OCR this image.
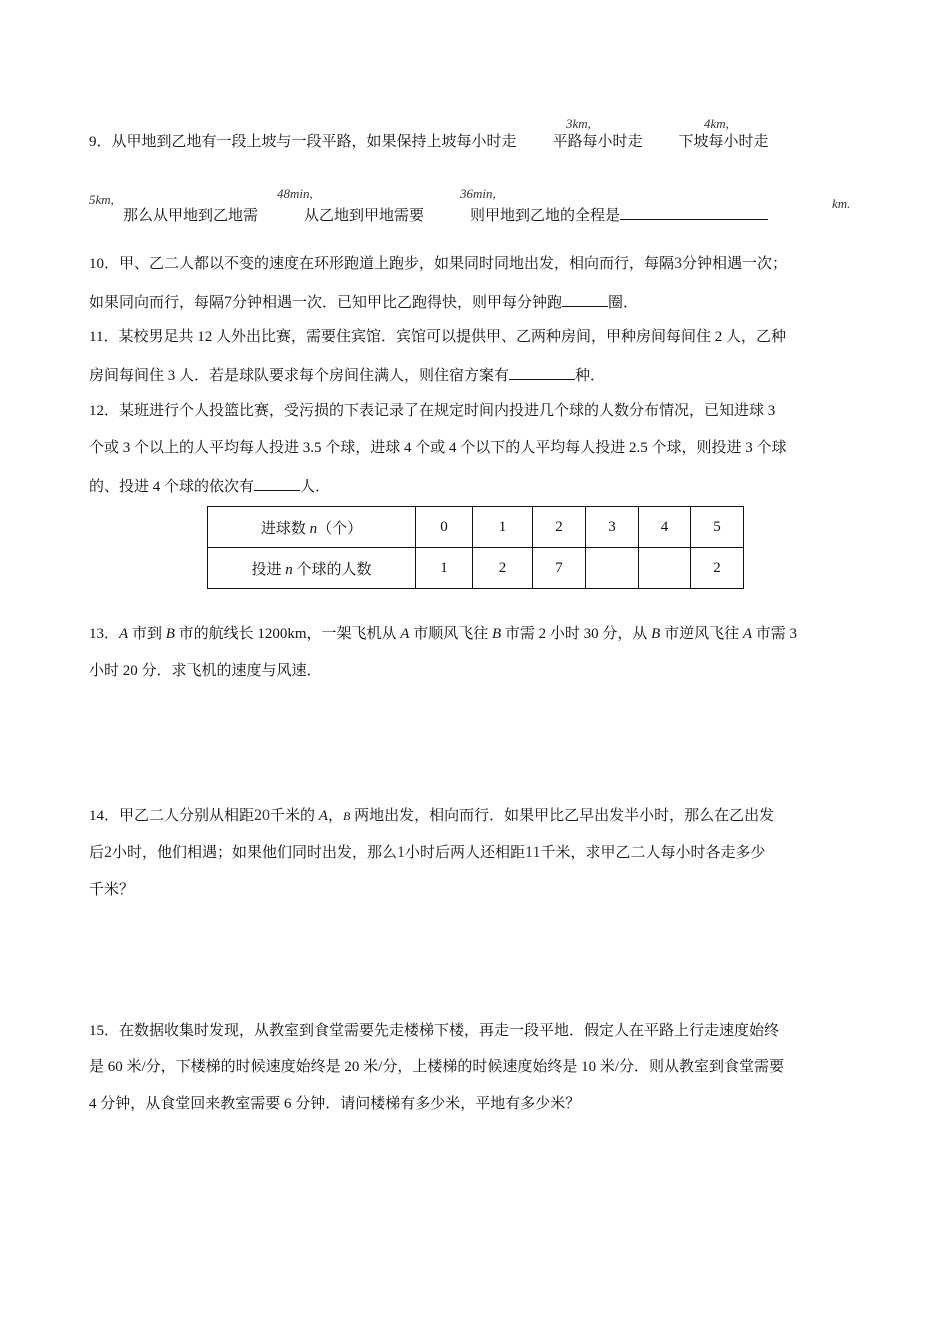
3km,	4km,
9．从甲地到乙地有一段上坡与一段平路，如果保持上坡每小时走 平路每小时走 下坡每小时走
5km,	48min,	36min,
km.
那么从甲地到乙地需	从乙地到甲地需要	则甲地到乙地的全程是
10．甲、乙二人都以不变的速度在环形跑道上跑步，如果同时同地出发，相向而行，每隔3分钟相遇一次；
如果同向而行，每隔7分钟相遇一次．已知甲比乙跑得快，则甲每分钟跑	圈．
11．某校男足共 12 人外出比赛，需要住宾馆．宾馆可以提供甲、乙两种房间，甲种房间每间住 2 人，乙种
房间每间住 3 人．若是球队要求每个房间住满人，则住宿方案有	种．
12．某班进行个人投篮比赛，受污损的下表记录了在规定时间内投进几个球的人数分布情况，已知进球 3
个或 3 个以上的人平均每人投进 3.5 个球，进球 4 个或 4 个以下的人平均每人投进 2.5 个球，则投进 3 个球
的、投进 4 个球的依次有	人．
进球数 n（个）	0	1	2	3	4	5
投进 n 个球的人数	1	2	7			2
13．A 市到 B 市的航线长 1200km，一架飞机从 A 市顺风飞往 B 市需 2 小时 30 分，从 B 市逆风飞往 A 市需 3
小时 20 分．求飞机的速度与风速．
14．甲乙二人分别从相距20千米的 A，B 两地出发，相向而行．如果甲比乙早出发半小时，那么在乙出发
后2小时，他们相遇；如果他们同时出发，那么1小时后两人还相距11千米，求甲乙二人每小时各走多少
千米？
15．在数据收集时发现，从教室到食堂需要先走楼梯下楼，再走一段平地．假定人在平路上行走速度始终
是 60 米/分，下楼梯的时候速度始终是 20 米/分，上楼梯的时候速度始终是 10 米/分．则从教室到食堂需要
4 分钟，从食堂回来教室需要 6 分钟．请问楼梯有多少米，平地有多少米？
